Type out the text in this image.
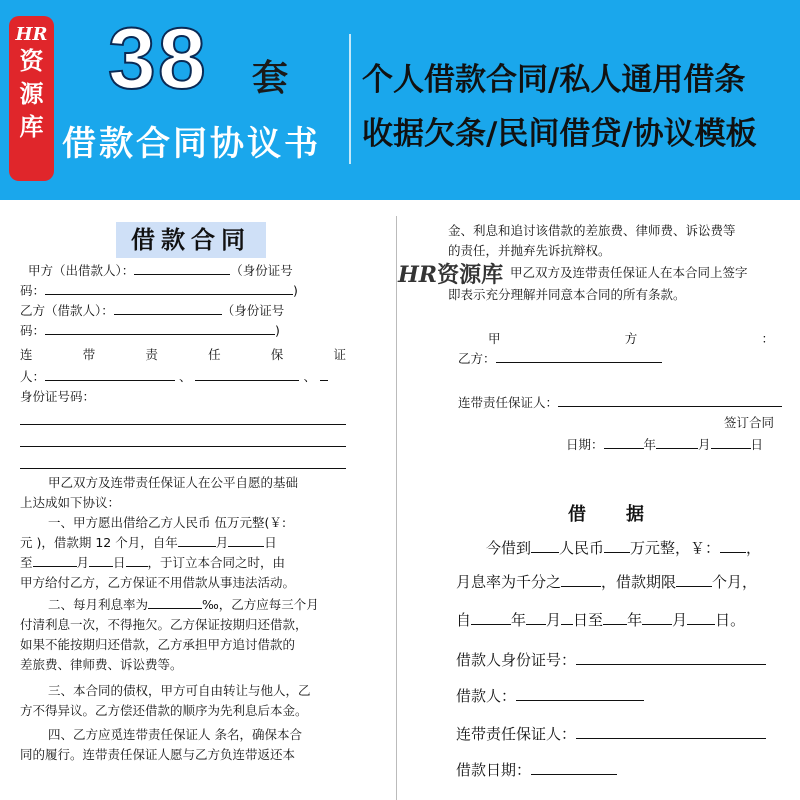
HR
资
源
库
38 套
借款合同协议书
个人借款合同/私人通用借条
收据欠条/民间借贷/协议模板
借款合同
甲方（出借款人）：	（身份证号
码：	)
乙方（借款人）：	（身份证号
码：	)
连	带	责	任	保	证
人：	、	、
身份证号码：
甲乙双方及连带责任保证人在公平自愿的基础
上达成如下协议：
一、甲方愿出借给乙方人民币 伍万元整(￥:
元 )，借款期 12 个月，自年	月	日
至	月 日 ，于订立本合同之时，由
甲方给付乙方，乙方保证不用借款从事违法活动。
二、每月利息率为	‰，乙方应每三个月
付清利息一次，不得拖欠。乙方保证按期归还借款，
如果不能按期归还借款，乙方承担甲方追讨借款的
差旅费、律师费、诉讼费等。
三、本合同的债权，甲方可自由转让与他人，乙
方不得异议。乙方偿还借款的顺序为先利息后本金。
四、乙方应觅连带责任保证人 条名，确保本合
同的履行。连带责任保证人愿与乙方负连带返还本
HR资源库
金、利息和追讨该借款的差旅费、律师费、诉讼费等
的责任，并抛弃先诉抗辩权。
甲乙双方及连带责任保证人在本合同上签字
即表示充分理解并同意本合同的所有条款。
甲	方	：
乙方：
连带责任保证人：
签订合同
日期：	年	月	日
借据
今借到 人民币 万元整，￥： ，
月息率为千分之	，借款期限 个月，
自	年 月 日至 年 月 日。
借款人身份证号：
借款人：
连带责任保证人：
借款日期：
